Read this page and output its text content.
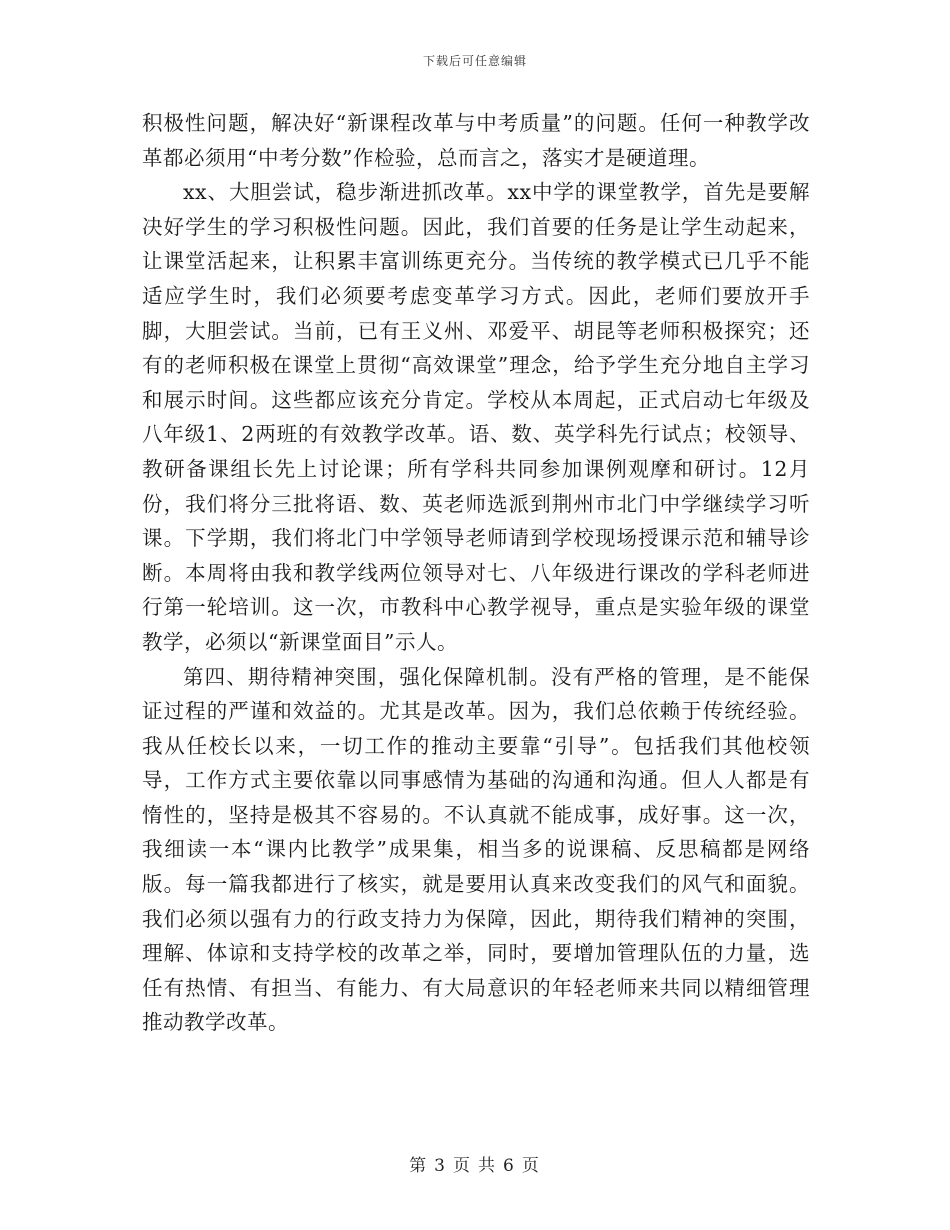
下载后可任意编辑

积极性问题，解决好“新课程改革与中考质量”的问题。任何一种教学改革都必须用“中考分数”作检验，总而言之，落实才是硬道理。

xx、大胆尝试，稳步渐进抓改革。xx中学的课堂教学，首先是要解决好学生的学习积极性问题。因此，我们首要的任务是让学生动起来，让课堂活起来，让积累丰富训练更充分。当传统的教学模式已几乎不能适应学生时，我们必须要考虑变革学习方式。因此，老师们要放开手脚，大胆尝试。当前，已有王义州、邓爱平、胡昆等老师积极探究；还有的老师积极在课堂上贯彻“高效课堂”理念，给予学生充分地自主学习和展示时间。这些都应该充分肯定。学校从本周起，正式启动七年级及八年级1、2两班的有效教学改革。语、数、英学科先行试点；校领导、教研备课组长先上讨论课；所有学科共同参加课例观摩和研讨。12月份，我们将分三批将语、数、英老师选派到荆州市北门中学继续学习听课。下学期，我们将北门中学领导老师请到学校现场授课示范和辅导诊断。本周将由我和教学线两位领导对七、八年级进行课改的学科老师进行第一轮培训。这一次，市教科中心教学视导，重点是实验年级的课堂教学，必须以“新课堂面目”示人。

第四、期待精神突围，强化保障机制。没有严格的管理，是不能保证过程的严谨和效益的。尤其是改革。因为，我们总依赖于传统经验。我从任校长以来，一切工作的推动主要靠“引导”。包括我们其他校领导，工作方式主要依靠以同事感情为基础的沟通和沟通。但人人都是有惰性的，坚持是极其不容易的。不认真就不能成事，成好事。这一次，我细读一本“课内比教学”成果集，相当多的说课稿、反思稿都是网络版。每一篇我都进行了核实，就是要用认真来改变我们的风气和面貌。我们必须以强有力的行政支持力为保障，因此，期待我们精神的突围，理解、体谅和支持学校的改革之举，同时，要增加管理队伍的力量，选任有热情、有担当、有能力、有大局意识的年轻老师来共同以精细管理推动教学改革。

第 3 页 共 6 页
